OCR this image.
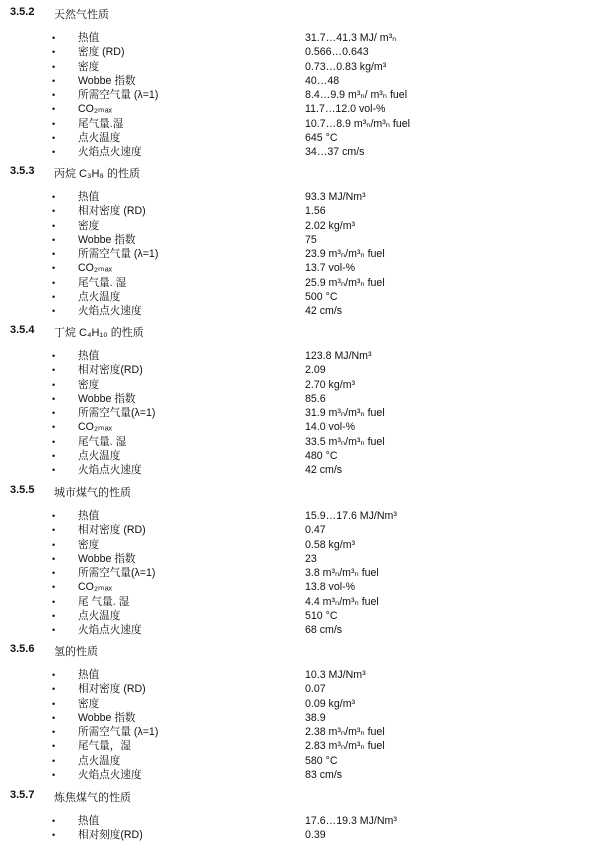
3.5.2 天然气性质
• 热值	31.7…41.3 MJ/ m³ₙ
• 密度 (RD)	0.566…0.643
• 密度	0.73…0.83 kg/m³
• Wobbe 指数	40…48
• 所需空气量 (λ=1)	8.4…9.9 m³ₙ/ m³ₙ fuel
• CO₂ₘₐₓ	11.7…12.0 vol-%
• 尾气量.湿	10.7…8.9 m³ₙ/m³ₙ fuel
• 点火温度	645 °C
• 火焰点火速度	34…37 cm/s
3.5.3 丙烷 C₃H₈ 的性质
• 热值	93.3 MJ/Nm³
• 相对密度 (RD)	1.56
• 密度	2.02 kg/m³
• Wobbe 指数	75
• 所需空气量 (λ=1)	23.9 m³ₙ/m³ₙ fuel
• CO₂ₘₐₓ	13.7 vol-%
• 尾气量. 湿	25.9 m³ₙ/m³ₙ fuel
• 点火温度	500 °C
• 火焰点火速度	42 cm/s
3.5.4 丁烷 C₄H₁₀ 的性质
• 热值	123.8 MJ/Nm³
• 相对密度(RD)	2.09
• 密度	2.70 kg/m³
• Wobbe 指数	85.6
• 所需空气量(λ=1)	31.9 m³ₙ/m³ₙ fuel
• CO₂ₘₐₓ	14.0 vol-%
• 尾气量. 湿	33.5 m³ₙ/m³ₙ fuel
• 点火温度	480 °C
• 火焰点火速度	42 cm/s
3.5.5 城市煤气的性质
• 热值	15.9…17.6 MJ/Nm³
• 相对密度 (RD)	0.47
• 密度	0.58 kg/m³
• Wobbe 指数	23
• 所需空气量(λ=1)	3.8 m³ₙ/m³ₙ fuel
• CO₂ₘₐₓ	13.8 vol-%
• 尾 气量. 湿	4.4 m³ₙ/m³ₙ fuel
• 点火温度	510 °C
• 火焰点火速度	68 cm/s
3.5.6 氢的性质
• 热值	10.3 MJ/Nm³
• 相对密度 (RD)	0.07
• 密度	0.09 kg/m³
• Wobbe 指数	38.9
• 所需空气量 (λ=1)	2.38 m³ₙ/m³ₙ fuel
• 尾气量，湿	2.83 m³ₙ/m³ₙ fuel
• 点火温度	580 °C
• 火焰点火速度	83 cm/s
3.5.7 炼焦煤气的性质
• 热值	17.6…19.3 MJ/Nm³
• 相对刻度(RD)	0.39
